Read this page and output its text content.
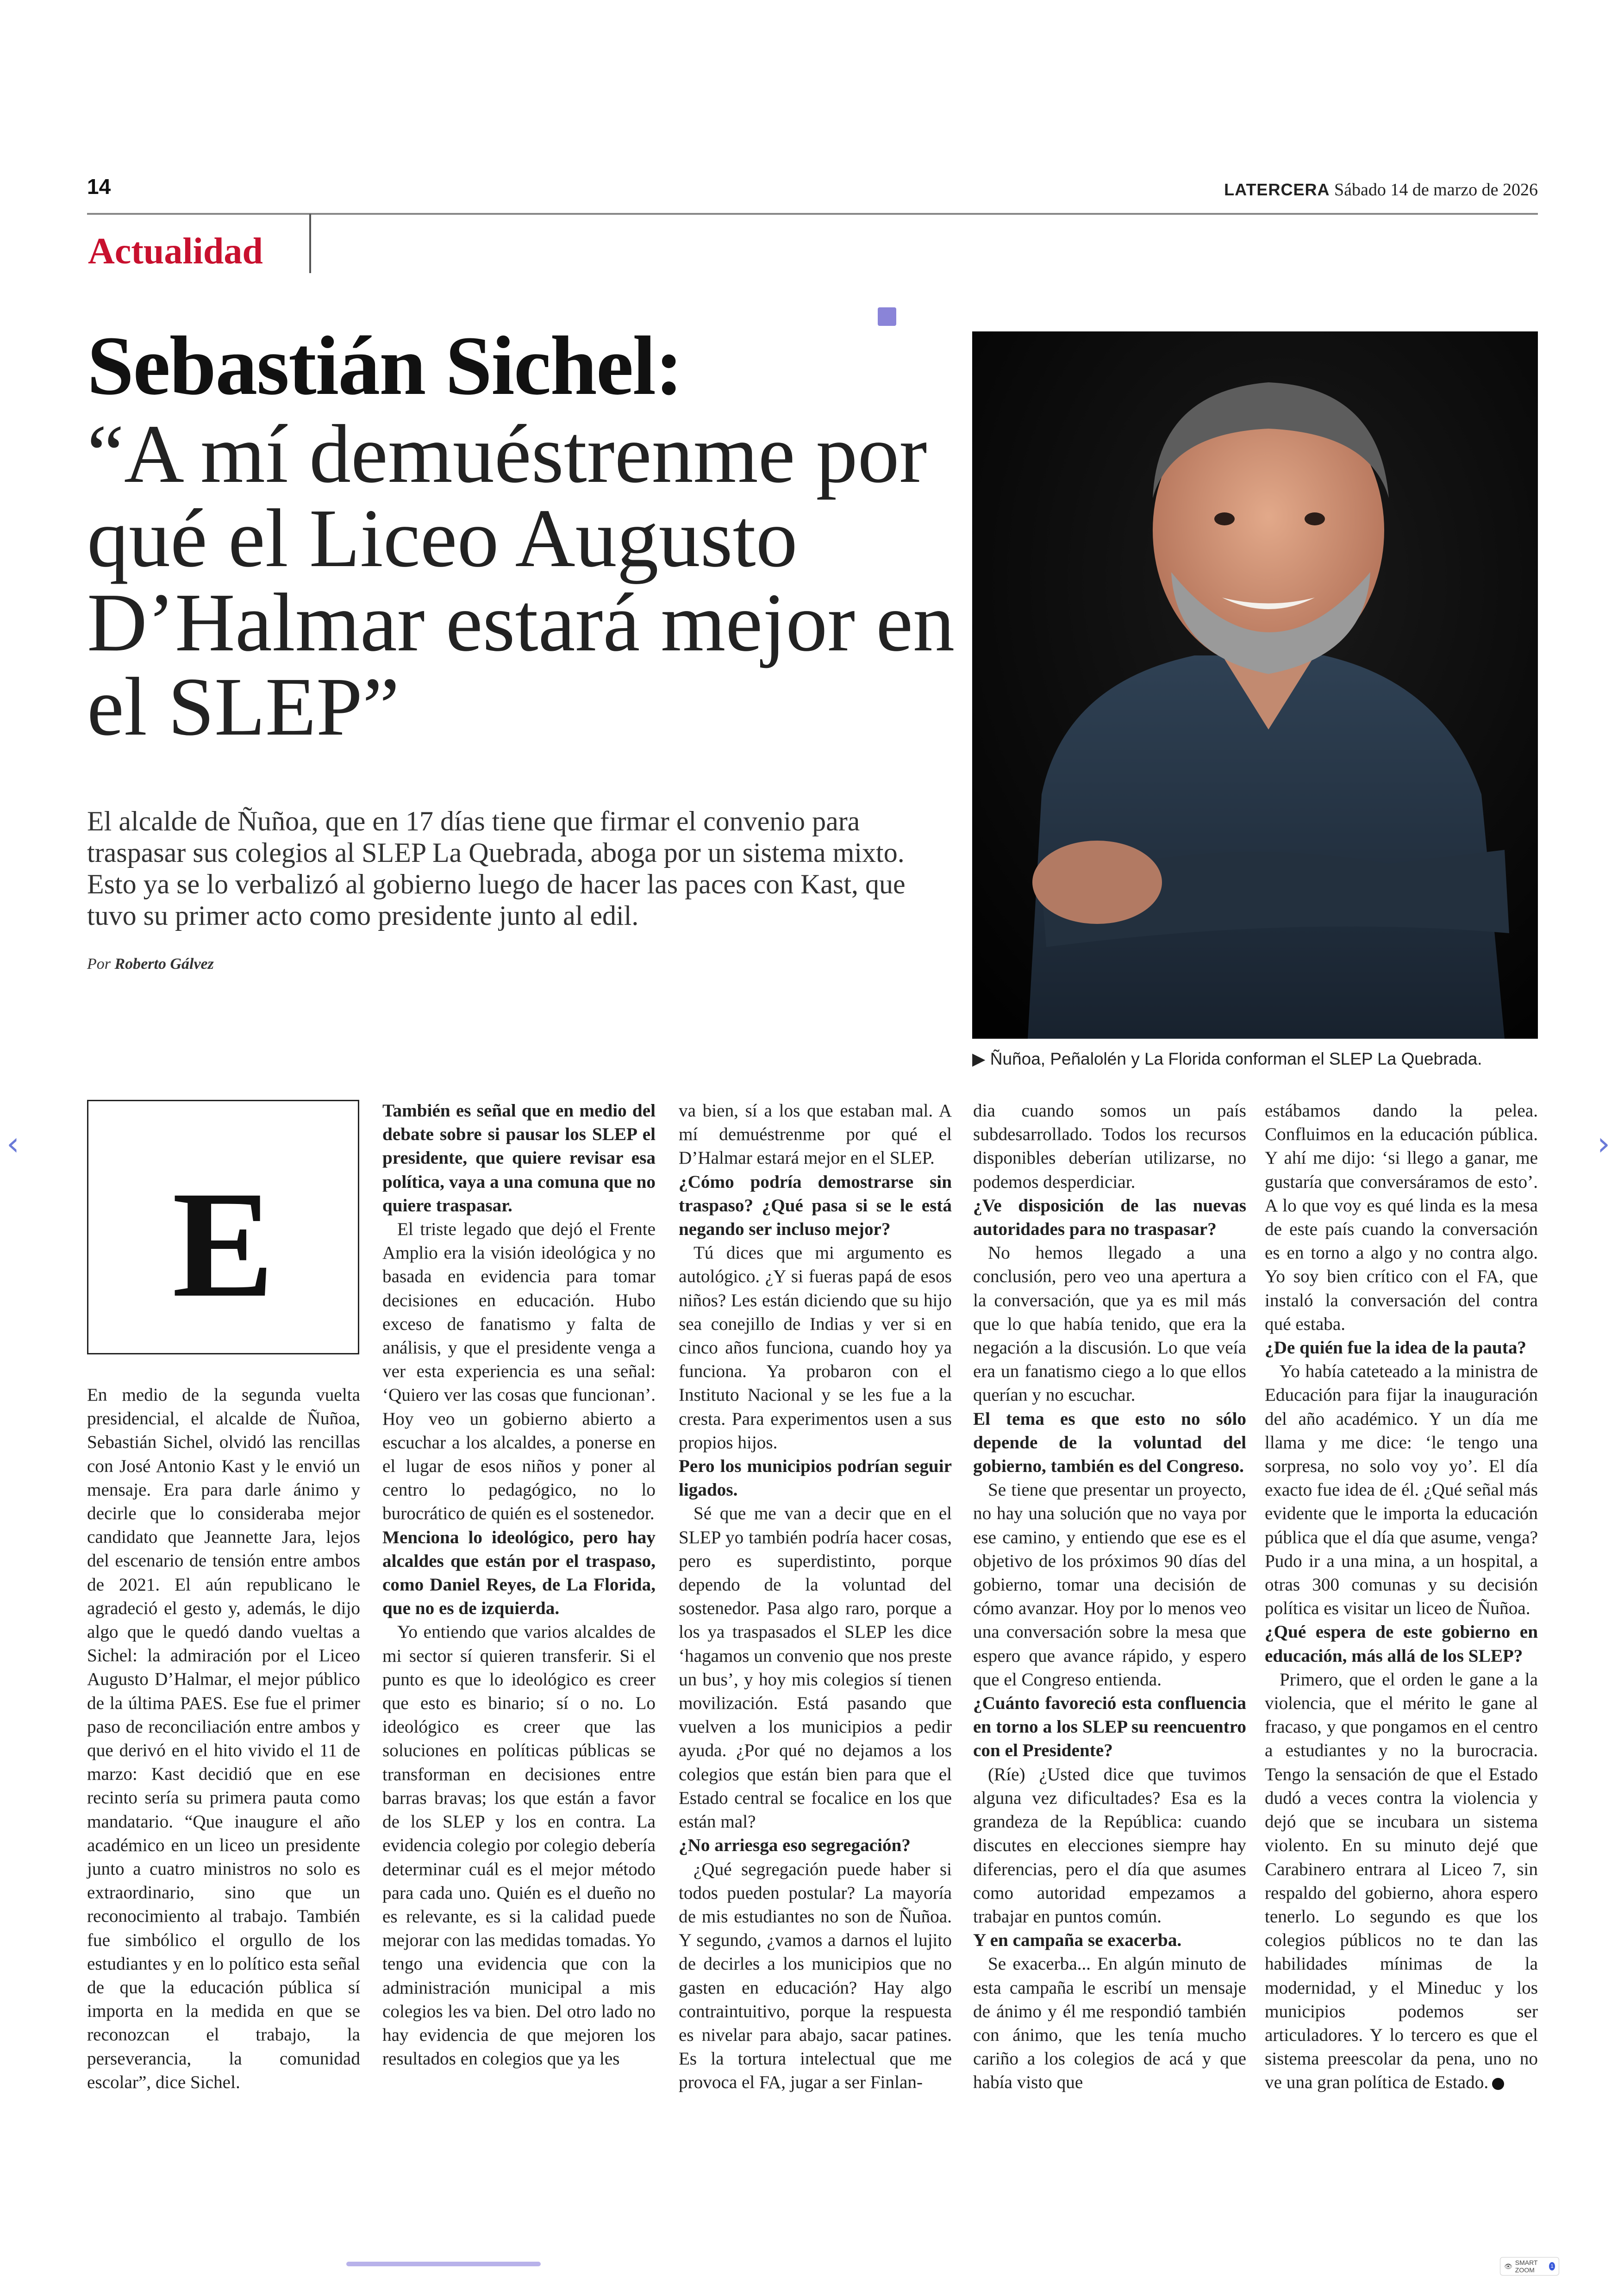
14	LATERCERA Sábado 14 de marzo de 2026
Actualidad
Sebastián Sichel:
“A mí demuéstrenme por qué el Liceo Augusto D’Halmar estará mejor en el SLEP”
El alcalde de Ñuñoa, que en 17 días tiene que firmar el convenio para traspasar sus colegios al SLEP La Quebrada, aboga por un sistema mixto. Esto ya se lo verbalizó al gobierno luego de hacer las paces con Kast, que tuvo su primer acto como presidente junto al edil.
Por Roberto Gálvez
▶ Ñuñoa, Peñalolén y La Florida conforman el SLEP La Quebrada.
E

En medio de la segunda vuelta presidencial, el alcalde de Ñuñoa, Sebastián Sichel, olvidó las rencillas con José Antonio Kast y le envió un mensaje. Era para darle ánimo y decirle que lo consideraba mejor candidato que Jeannette Jara, lejos del escenario de tensión entre ambos de 2021. El aún republicano le agradeció el gesto y, además, le dijo algo que le quedó dando vueltas a Sichel: la admiración por el Liceo Augusto D’Halmar, el mejor público de la última PAES. Ese fue el primer paso de reconciliación entre ambos y que derivó en el hito vivido el 11 de marzo: Kast decidió que en ese recinto sería su primera pauta como mandatario. “Que inaugure el año académico en un liceo un presidente junto a cuatro ministros no solo es extraordinario, sino que un reconocimiento al trabajo. También fue simbólico el orgullo de los estudiantes y en lo político esta señal de que la educación pública sí importa en la medida en que se reconozcan el trabajo, la perseverancia, la comunidad escolar”, dice Sichel.

También es señal que en medio del debate sobre si pausar los SLEP el presidente, que quiere revisar esa política, vaya a una comuna que no quiere traspasar.

El triste legado que dejó el Frente Amplio era la visión ideológica y no basada en evidencia para tomar decisiones en educación. Hubo exceso de fanatismo y falta de análisis, y que el presidente venga a ver esta experiencia es una señal: ‘Quiero ver las cosas que funcionan’. Hoy veo un gobierno abierto a escuchar a los alcaldes, a ponerse en el lugar de esos niños y poner al centro lo pedagógico, no lo burocrático de quién es el sostenedor.

Menciona lo ideológico, pero hay alcaldes que están por el traspaso, como Daniel Reyes, de La Florida, que no es de izquierda.

Yo entiendo que varios alcaldes de mi sector sí quieren transferir. Si el punto es que lo ideológico es creer que esto es binario; sí o no. Lo ideológico es creer que las soluciones en políticas públicas se transforman en decisiones entre barras bravas; los que están a favor de los SLEP y los en contra. La evidencia colegio por colegio debería determinar cuál es el mejor método para cada uno. Quién es el dueño no es relevante, es si la calidad puede mejorar con las medidas tomadas. Yo tengo una evidencia que con la administración municipal a mis colegios les va bien. Del otro lado no hay evidencia de que mejoren los resultados en colegios que ya les

va bien, sí a los que estaban mal. A mí demuéstrenme por qué el D’Halmar estará mejor en el SLEP.

¿Cómo podría demostrarse sin traspaso? ¿Qué pasa si se le está negando ser incluso mejor?

Tú dices que mi argumento es autológico. ¿Y si fueras papá de esos niños? Les están diciendo que su hijo sea conejillo de Indias y ver si en cinco años funciona, cuando hoy ya funciona. Ya probaron con el Instituto Nacional y se les fue a la cresta. Para experimentos usen a sus propios hijos.

Pero los municipios podrían seguir ligados.

Sé que me van a decir que en el SLEP yo también podría hacer cosas, pero es superdistinto, porque dependo de la voluntad del sostenedor. Pasa algo raro, porque a los ya traspasados el SLEP les dice ‘hagamos un convenio que nos preste un bus’, y hoy mis colegios sí tienen movilización. Está pasando que vuelven a los municipios a pedir ayuda. ¿Por qué no dejamos a los colegios que están bien para que el Estado central se focalice en los que están mal?

¿No arriesga eso segregación?

¿Qué segregación puede haber si todos pueden postular? La mayoría de mis estudiantes no son de Ñuñoa. Y segundo, ¿vamos a darnos el lujito de decirles a los municipios que no gasten en educación? Hay algo contraintuitivo, porque la respuesta es nivelar para abajo, sacar patines. Es la tortura intelectual que me provoca el FA, jugar a ser Finlan-

dia cuando somos un país subdesarrollado. Todos los recursos disponibles deberían utilizarse, no podemos desperdiciar.

¿Ve disposición de las nuevas autoridades para no traspasar?

No hemos llegado a una conclusión, pero veo una apertura a la conversación, que ya es mil más que lo que había tenido, que era la negación a la discusión. Lo que veía era un fanatismo ciego a lo que ellos querían y no escuchar.

El tema es que esto no sólo depende de la voluntad del gobierno, también es del Congreso.

Se tiene que presentar un proyecto, no hay una solución que no vaya por ese camino, y entiendo que ese es el objetivo de los próximos 90 días del gobierno, tomar una decisión de cómo avanzar. Hoy por lo menos veo una conversación sobre la mesa que espero que avance rápido, y espero que el Congreso entienda.

¿Cuánto favoreció esta confluencia en torno a los SLEP su reencuentro con el Presidente?

(Ríe) ¿Usted dice que tuvimos alguna vez dificultades? Esa es la grandeza de la República: cuando discutes en elecciones siempre hay diferencias, pero el día que asumes como autoridad empezamos a trabajar en puntos común.

Y en campaña se exacerba.

Se exacerba... En algún minuto de esta campaña le escribí un mensaje de ánimo y él me respondió también con ánimo, que les tenía mucho cariño a los colegios de acá y que había visto que

estábamos dando la pelea. Confluimos en la educación pública. Y ahí me dijo: ‘si llego a ganar, me gustaría que conversáramos de esto’. A lo que voy es qué linda es la mesa de este país cuando la conversación es en torno a algo y no contra algo. Yo soy bien crítico con el FA, que instaló la conversación del contra qué estaba.

¿De quién fue la idea de la pauta?

Yo había cateteado a la ministra de Educación para fijar la inauguración del año académico. Y un día me llama y me dice: ‘le tengo una sorpresa, no solo voy yo’. El día exacto fue idea de él. ¿Qué señal más evidente que le importa la educación pública que el día que asume, venga? Pudo ir a una mina, a un hospital, a otras 300 comunas y su decisión política es visitar un liceo de Ñuñoa.

¿Qué espera de este gobierno en educación, más allá de los SLEP?

Primero, que el orden le gane a la violencia, que el mérito le gane al fracaso, y que pongamos en el centro a estudiantes y no la burocracia. Tengo la sensación de que el Estado dudó a veces contra la violencia y dejó que se incubara un sistema violento. En su minuto dejé que Carabinero entrara al Liceo 7, sin respaldo del gobierno, ahora espero tenerlo. Lo segundo es que los colegios públicos no te dan las habilidades mínimas de la modernidad, y el Mineduc y los municipios podemos ser articuladores. Y lo tercero es que el sistema preescolar da pena, uno no ve una gran política de Estado.

‹	›
👁 SMART ZOOM	1
